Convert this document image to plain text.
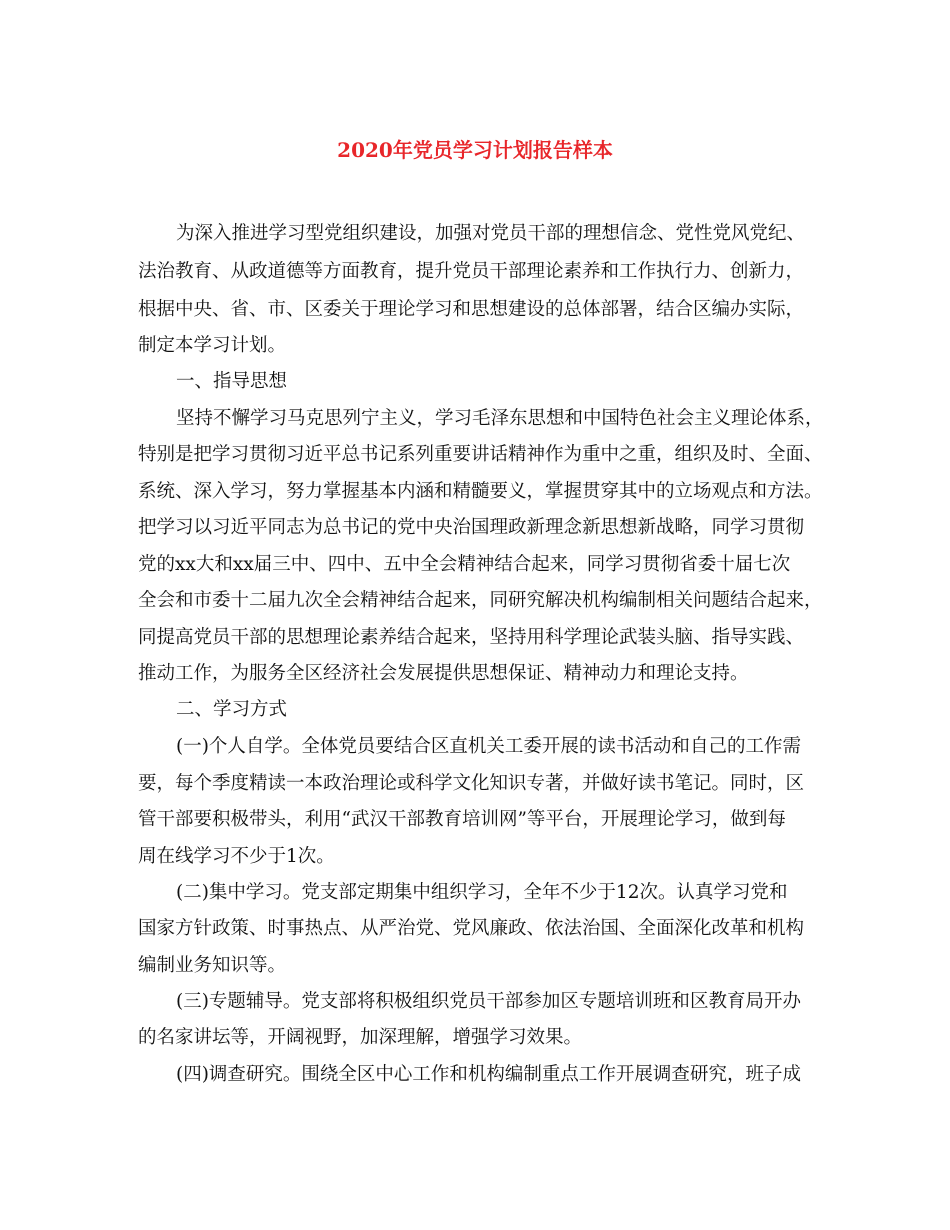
2020年党员学习计划报告样本
为深入推进学习型党组织建设，加强对党员干部的理想信念、党性党风党纪、
法治教育、从政道德等方面教育，提升党员干部理论素养和工作执行力、创新力，
根据中央、省、市、区委关于理论学习和思想建设的总体部署，结合区编办实际，
制定本学习计划。
一、指导思想
坚持不懈学习马克思列宁主义，学习毛泽东思想和中国特色社会主义理论体系，
特别是把学习贯彻习近平总书记系列重要讲话精神作为重中之重，组织及时、全面、
系统、深入学习，努力掌握基本内涵和精髓要义，掌握贯穿其中的立场观点和方法。
把学习以习近平同志为总书记的党中央治国理政新理念新思想新战略，同学习贯彻
党的xx大和xx届三中、四中、五中全会精神结合起来，同学习贯彻省委十届七次
全会和市委十二届九次全会精神结合起来，同研究解决机构编制相关问题结合起来，
同提高党员干部的思想理论素养结合起来，坚持用科学理论武装头脑、指导实践、
推动工作，为服务全区经济社会发展提供思想保证、精神动力和理论支持。
二、学习方式
(一)个人自学。全体党员要结合区直机关工委开展的读书活动和自己的工作需
要，每个季度精读一本政治理论或科学文化知识专著，并做好读书笔记。同时，区
管干部要积极带头，利用“武汉干部教育培训网”等平台，开展理论学习，做到每
周在线学习不少于1次。
(二)集中学习。党支部定期集中组织学习，全年不少于12次。认真学习党和
国家方针政策、时事热点、从严治党、党风廉政、依法治国、全面深化改革和机构
编制业务知识等。
(三)专题辅导。党支部将积极组织党员干部参加区专题培训班和区教育局开办
的名家讲坛等，开阔视野，加深理解，增强学习效果。
(四)调查研究。围绕全区中心工作和机构编制重点工作开展调查研究，班子成
